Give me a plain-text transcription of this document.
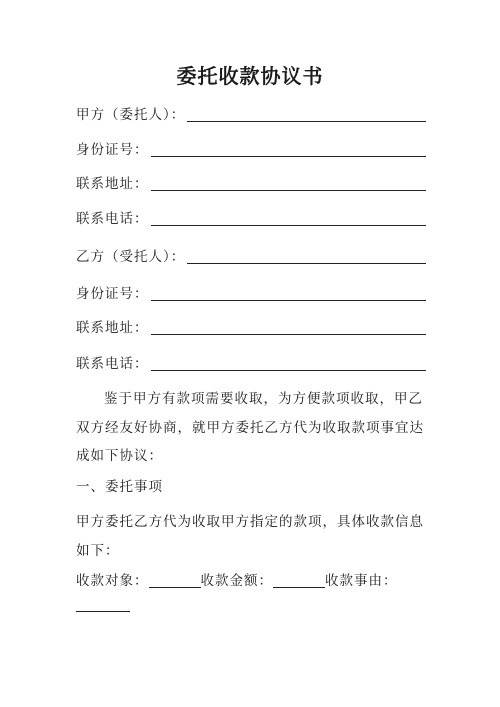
委托收款协议书
甲方（委托人）：
身份证号：
联系地址：
联系电话：
乙方（受托人）：
身份证号：
联系地址：
联系电话：

鉴于甲方有款项需要收取，为方便款项收取，甲乙双方经友好协商，就甲方委托乙方代为收取款项事宜达成如下协议：

一、委托事项

甲方委托乙方代为收取甲方指定的款项，具体收款信息如下：

收款对象：	收款金额：	收款事由：
